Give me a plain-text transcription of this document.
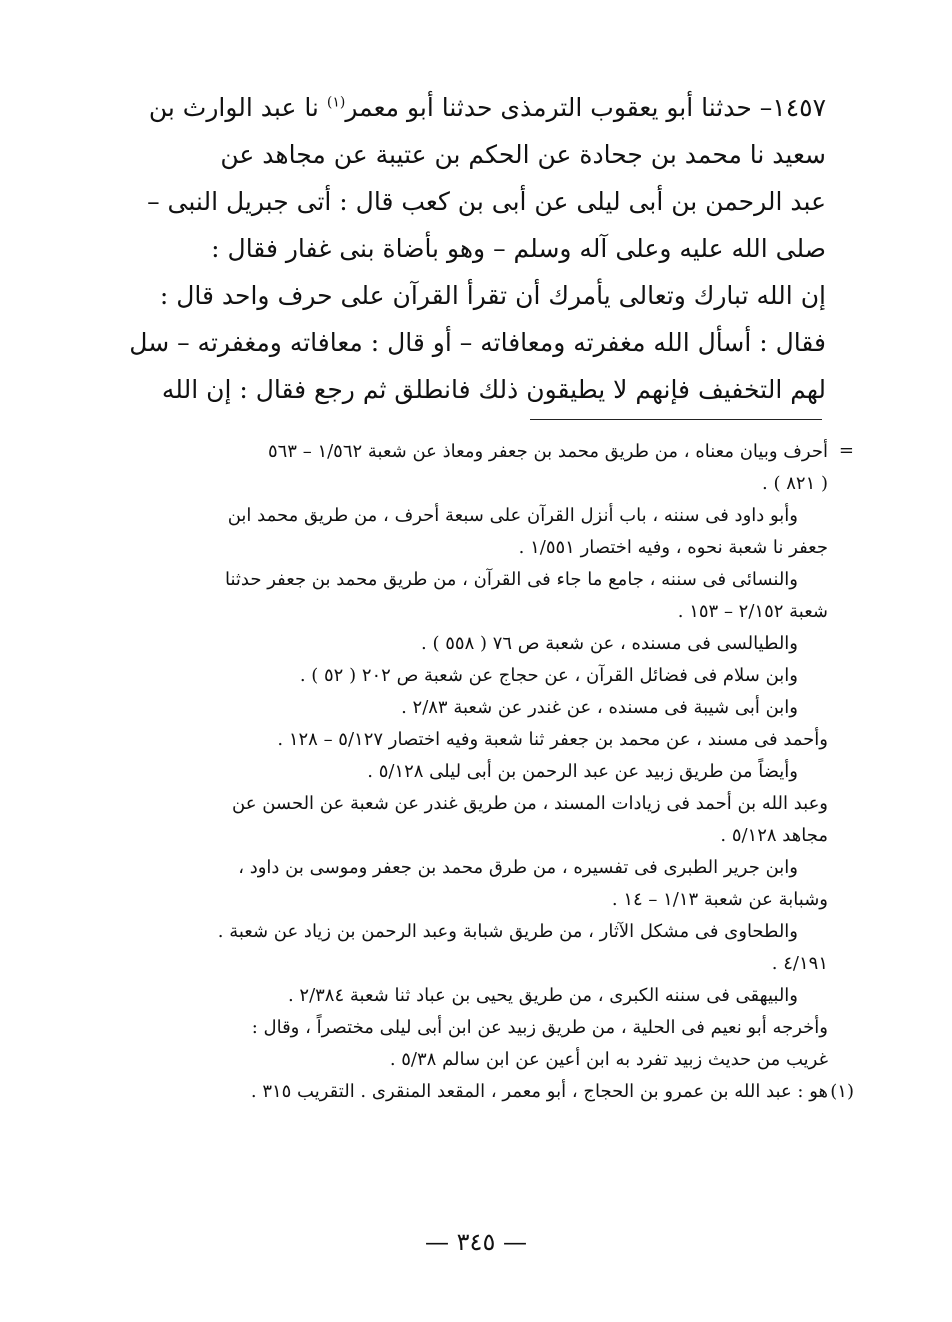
١٤٥٧– حدثنا أبو يعقوب الترمذى حدثنا أبو معمر$^{(١)}$ نا عبد الوارث بن
سعيد نا محمد بن جحادة عن الحكم بن عتيبة عن مجاهد عن
عبد الرحمن بن أبى ليلى عن أبى بن كعب قال : أتى جبريل النبى –
صلى الله عليه وعلى آله وسلم – وهو بأضاة بنى غفار فقال :
إن الله تبارك وتعالى يأمرك أن تقرأ القرآن على حرف واحد قال :
فقال : أسأل الله مغفرته ومعافاته – أو قال : معافاته ومغفرته – سل
لهم التخفيف فإنهم لا يطيقون ذلك فانطلق ثم رجع فقال : إن الله
=
أحرف وبيان معناه ، من طريق محمد بن جعفر ومعاذ عن شعبة ١/٥٦٢ – ٥٦٣
( ٨٢١ ) .
وأبو داود فى سننه ، باب أنزل القرآن على سبعة أحرف ، من طريق محمد ابن
جعفر نا شعبة نحوه ، وفيه اختصار ١/٥٥١ .
والنسائى فى سننه ، جامع ما جاء فى القرآن ، من طريق محمد بن جعفر حدثنا
شعبة ٢/١٥٢ – ١٥٣ .
والطيالسى فى مسنده ، عن شعبة ص ٧٦ ( ٥٥٨ ) .
وابن سلام فى فضائل القرآن ، عن حجاج عن شعبة ص ٢٠٢ ( ٥٢ ) .
وابن أبى شيبة فى مسنده ، عن غندر عن شعبة ٢/٨٣ .
وأحمد فى مسند ، عن محمد بن جعفر ثنا شعبة وفيه اختصار ٥/١٢٧ – ١٢٨ .
وأيضاً من طريق زبيد عن عبد الرحمن بن أبى ليلى ٥/١٢٨ .
وعبد الله بن أحمد فى زيادات المسند ، من طريق غندر عن شعبة عن الحسن عن
مجاهد ٥/١٢٨ .
وابن جرير الطبرى فى تفسيره ، من طرق محمد بن جعفر وموسى بن داود ،
وشبابة عن شعبة ١/١٣ – ١٤ .
والطحاوى فى مشكل الآثار ، من طريق شبابة وعبد الرحمن بن زياد عن شعبة .
٤/١٩١ .
والبيهقى فى سننه الكبرى ، من طريق يحيى بن عباد ثنا شعبة ٢/٣٨٤ .
وأخرجه أبو نعيم فى الحلية ، من طريق زبيد عن ابن أبى ليلى مختصراً ، وقال :
غريب من حديث زبيد تفرد به ابن أعين عن ابن سالم ٥/٣٨ .
(١)
هو : عبد الله بن عمرو بن الحجاج ، أبو معمر ، المقعد المنقرى . التقريب ٣١٥ .
— ٣٤٥ —
